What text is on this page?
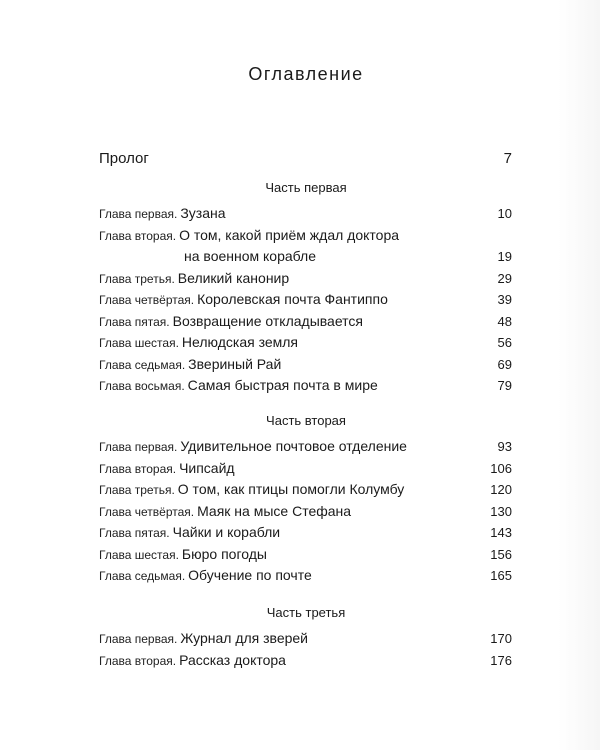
Оглавление
Пролог	7
Часть первая
Глава первая. Зузана	10
Глава вторая. О том, какой приём ждал доктора
на военном корабле	19
Глава третья. Великий канонир	29
Глава четвёртая. Королевская почта Фантиппо	39
Глава пятая. Возвращение откладывается	48
Глава шестая. Нелюдская земля	56
Глава седьмая. Звериный Рай	69
Глава восьмая. Самая быстрая почта в мире	79
Часть вторая
Глава первая. Удивительное почтовое отделение	93
Глава вторая. Чипсайд	106
Глава третья. О том, как птицы помогли Колумбу	120
Глава четвёртая. Маяк на мысе Стефана	130
Глава пятая. Чайки и корабли	143
Глава шестая. Бюро погоды	156
Глава седьмая. Обучение по почте	165
Часть третья
Глава первая. Журнал для зверей	170
Глава вторая. Рассказ доктора	176
